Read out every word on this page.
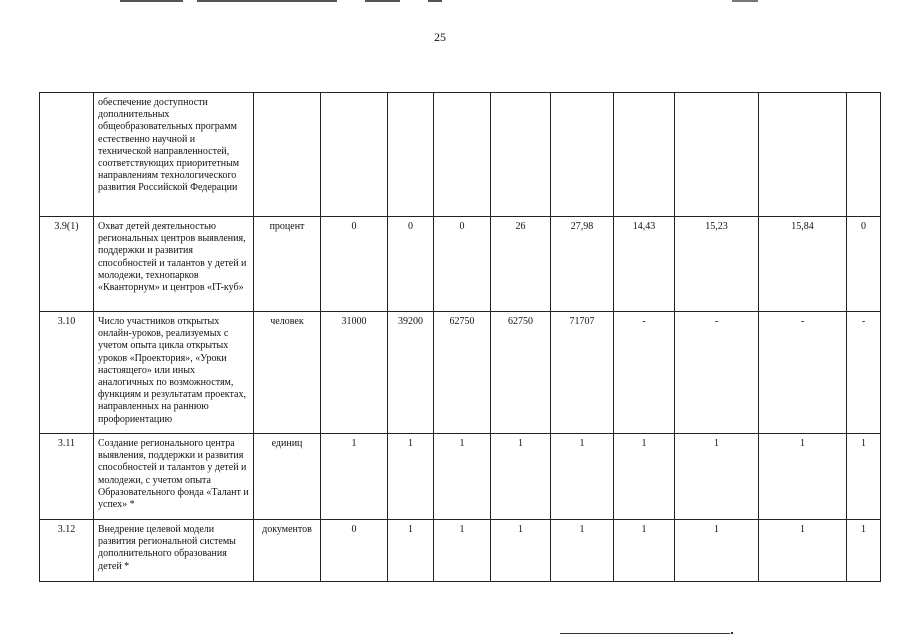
25
	обеспечение доступности дополнительных общеобразовательных программ естественно научной и технической направленностей, соответствующих приоритетным направлениям технологического развития Российской Федерации										
3.9(1)	Охват детей деятельностью региональных центров выявления, поддержки и развития способностей и талантов у детей и молодежи, технопарков «Кванторнум» и центров «IT-куб»	процент	0	0	0	26	27,98	14,43	15,23	15,84	0
3.10	Число участников открытых онлайн-уроков, реализуемых с учетом опыта цикла открытых уроков «Проектория», «Уроки настоящего» или иных аналогичных по возможностям, функциям и результатам проектах, направленных на раннюю профориентацию	человек	31000	39200	62750	62750	71707	-	-	-	-
3.11	Создание регионального центра выявления, поддержки и развития способностей и талантов у детей и молодежи, с учетом опыта Образовательного фонда «Талант и успех» *	единиц	1	1	1	1	1	1	1	1	1
3.12	Внедрение целевой модели развития региональной системы дополнительного образования детей *	документов	0	1	1	1	1	1	1	1	1
